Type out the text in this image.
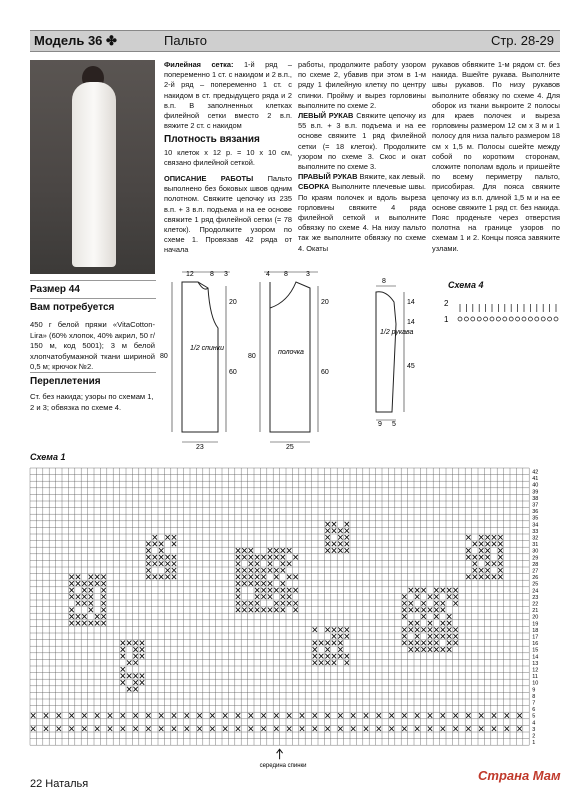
Модель 36 ✤	Пальто	Стр. 28-29
Размер 44
Вам потребуется
450 г белой пряжи «VitaCotton-Lira» (60% хлопок, 40% акрил, 50 г/ 150 м, код 5001); 3 м белой хлопчатобумажной ткани шириной 0,5 м; крючок №2.
Переплетения
Ст. без накида; узоры по схемам 1, 2 и 3; обвязка по схеме 4.
Филейная сетка: 1-й ряд – попеременно 1 ст. с накидом и 2 в.п., 2-й ряд – попеременно 1 ст. с накидом в ст. предыдущего ряда и 2 в.п. В заполненных клетках филейной сетки вместо 2 в.п. вяжите 2 ст. с накидом
Плотность вязания
10 клеток х 12 р. = 10 х 10 см, связано филейной сеткой.
ОПИСАНИЕ РАБОТЫ Пальто выполнено без боковых швов одним полотном. Свяжите цепочку из 235 в.п. + 3 в.п. подъема и на ее основе свяжите 1 ряд филейной сетки (= 78 клеток). Продолжите узором по схеме 1. Провязав 42 ряда от начала
работы, продолжите работу узором по схеме 2, убавив при этом в 1-м ряду 1 филейную клетку по центру спинки. Пройму и вырез горловины выполните по схеме 2.
ЛЕВЫЙ РУКАВ Свяжите цепочку из 55 в.п. + 3 в.п. подъема и на ее основе свяжите 1 ряд филейной сетки (= 18 клеток). Продолжите узором по схеме 3. Скос и окат выполните по схеме 3.
ПРАВЫЙ РУКАВ Вяжите, как левый.
СБОРКА Выполните плечевые швы. По краям полочек и вдоль выреза горловины свяжите 4 ряда филейной сеткой и выполните обвязку по схеме 4. На низу пальто так же выполните обвязку по схеме 4. Окаты
рукавов обвяжите 1-м рядом ст. без накида. Вшейте рукава. Выполните швы рукавов. По низу рукавов выполните обвязку по схеме 4. Для оборок из ткани выкроите 2 полосы для краев полочек и выреза горловины размером 12 см х 3 м и 1 полосу для низа пальто размером 18 см х 1,5 м. Полосы сшейте между собой по коротким сторонам, сложите пополам вдоль и пришейте по всему периметру пальто, присобирая. Для пояса свяжите цепочку из в.п. длиной 1,5 м и на ее основе свяжите 1 ряд ст. без накида. Пояс проденьте через отверстия полотна на границе узоров по схемам 1 и 2. Концы пояса завяжите узлами.
1/2 спинки
12 8 3
20
60
80
23
полочка
4 8	3
20
60
80
25
1/2 рукава
8
14
14
45
9 5
Схема 4
2
1
Схема 1
42
41
40
39
38
37
36
35
34
33
32
31
30
29
28
27
26
25
24
23
22
21
20
19
18
17
16
15
14
13
12
11
10
9
8
7
6
5
4
3
2
1
середина спинки
22 Наталья
Страна Мам
